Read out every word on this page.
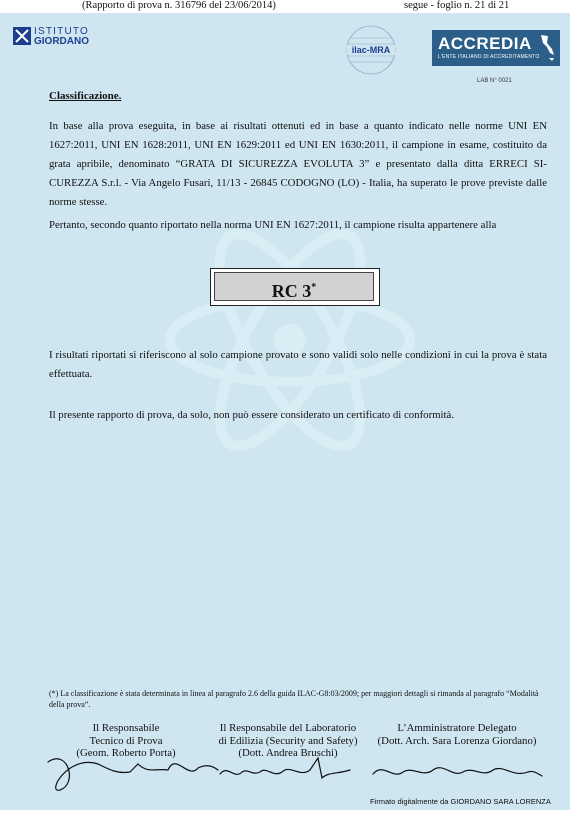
(Rapporto di prova n. 316796 del 23/06/2014)	segue - foglio n. 21 di 21
ISTITUTO
GIORDANO
ilac-MRA	ACCREDIA
L'ENTE ITALIANO DI ACCREDITAMENTO
LAB N° 0021
Classificazione.

In base alla prova eseguita, in base ai risultati ottenuti ed in base a quanto indicato nelle norme UNI EN 1627:2011, UNI EN 1628:2011, UNI EN 1629:2011 ed UNI EN 1630:2011, il campione in esame, costituito da grata apribile, denominato “GRATA DI SICUREZZA EVOLUTA 3” e presentato dalla ditta ERRECI SI-CUREZZA S.r.l. - Via Angelo Fusari, 11/13 - 26845 CODOGNO (LO) - Italia, ha superato le prove previste dalle norme stesse.

Pertanto, secondo quanto riportato nella norma UNI EN 1627:2011, il campione risulta appartenere alla

RC 3*

I risultati riportati si riferiscono al solo campione provato e sono validi solo nelle condizioni in cui la prova è stata effettuata.

Il presente rapporto di prova, da solo, non può essere considerato un certificato di conformità.

(*) La classificazione è stata determinata in linea al paragrafo 2.6 della guida ILAC-G8:03/2009; per maggiori dettagli si rimanda al paragrafo “Modalità della prova”.

Il Responsabile
Tecnico di Prova
(Geom. Roberto Porta)
Il Responsabile del Laboratorio
di Edilizia (Security and Safety)
(Dott. Andrea Bruschi)
L’Amministratore Delegato
(Dott. Arch. Sara Lorenza Giordano)
Firmato digitalmente da GIORDANO SARA LORENZA
